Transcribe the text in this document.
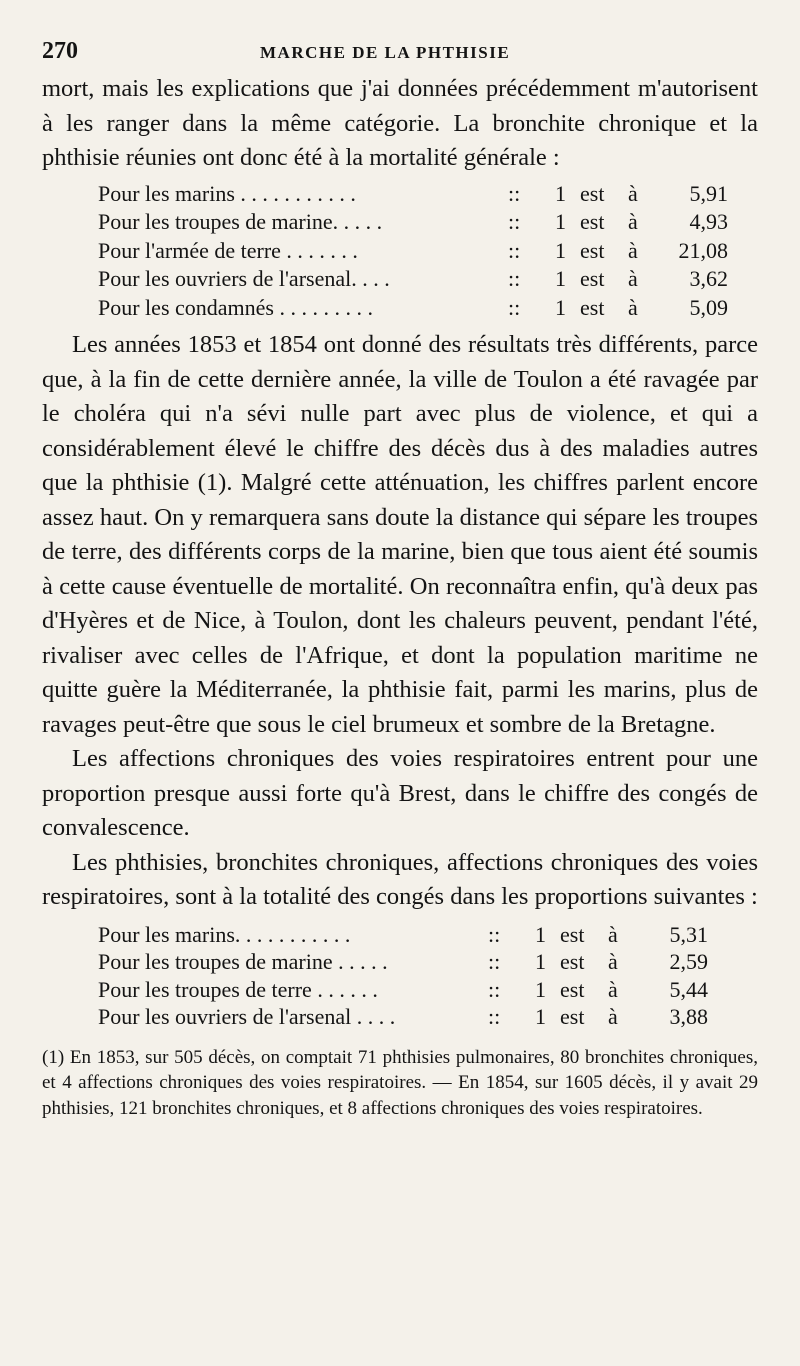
270	MARCHE DE LA PHTHISIE

mort, mais les explications que j'ai données précédemment m'autorisent à les ranger dans la même catégorie. La bronchite chronique et la phthisie réunies ont donc été à la mortalité générale :

Pour les marins . . . . . . . . . . .	::	1 est	à	5,91
Pour les troupes de marine. . . . .	::	1 est	à	4,93
Pour l'armée de terre . . . . . . .	::	1 est	à	21,08
Pour les ouvriers de l'arsenal. . . .	::	1 est	à	3,62
Pour les condamnés . . . . . . . . .	::	1 est	à	5,09

Les années 1853 et 1854 ont donné des résultats très différents, parce que, à la fin de cette dernière année, la ville de Toulon a été ravagée par le choléra qui n'a sévi nulle part avec plus de violence, et qui a considérablement élevé le chiffre des décès dus à des maladies autres que la phthisie (1). Malgré cette atténuation, les chiffres parlent encore assez haut. On y remarquera sans doute la distance qui sépare les troupes de terre, des différents corps de la marine, bien que tous aient été soumis à cette cause éventuelle de mortalité. On reconnaîtra enfin, qu'à deux pas d'Hyères et de Nice, à Toulon, dont les chaleurs peuvent, pendant l'été, rivaliser avec celles de l'Afrique, et dont la population maritime ne quitte guère la Méditerranée, la phthisie fait, parmi les marins, plus de ravages peut-être que sous le ciel brumeux et sombre de la Bretagne.

Les affections chroniques des voies respiratoires entrent pour une proportion presque aussi forte qu'à Brest, dans le chiffre des congés de convalescence.

Les phthisies, bronchites chroniques, affections chroniques des voies respiratoires, sont à la totalité des congés dans les proportions suivantes :

Pour les marins. . . . . . . . . . .	::	1 est	à	5,31
Pour les troupes de marine . . . . .	::	1 est	à	2,59
Pour les troupes de terre . . . . . .	::	1 est	à	5,44
Pour les ouvriers de l'arsenal . . . .	::	1 est	à	3,88
(1) En 1853, sur 505 décès, on comptait 71 phthisies pulmonaires, 80 bronchites chroniques, et 4 affections chroniques des voies respiratoires. — En 1854, sur 1605 décès, il y avait 29 phthisies, 121 bronchites chroniques, et 8 affections chroniques des voies respiratoires.
